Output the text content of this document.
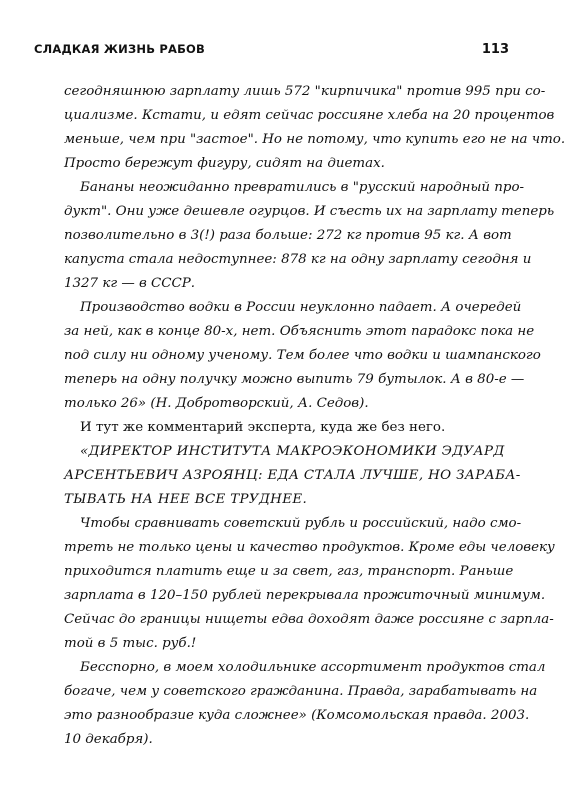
СЛАДКАЯ ЖИЗНЬ РАБОВ	113
сегодняшнюю зарплату лишь 572 "кирпичика" против 995 при со-
циализме. Кстати, и едят сейчас россияне хлеба на 20 процентов
меньше, чем при "застое". Но не потому, что купить его не на что.
Просто бережут фигуру, сидят на диетах.
Бананы неожиданно превратились в "русский народный про-
дукт". Они уже дешевле огурцов. И съесть их на зарплату теперь
позволительно в 3(!) раза больше: 272 кг против 95 кг. А вот
капуста стала недоступнее: 878 кг на одну зарплату сегодня и
1327 кг — в СССР.
Производство водки в России неуклонно падает. А очередей
за ней, как в конце 80-х, нет. Объяснить этот парадокс пока не
под силу ни одному ученому. Тем более что водки и шампанского
теперь на одну получку можно выпить 79 бутылок. А в 80-е —
только 26» (Н. Добротворский, А. Седов).
И тут же комментарий эксперта, куда же без него.
«ДИРЕКТОР ИНСТИТУТА МАКРОЭКОНОМИКИ ЭДУАРД
АРСЕНТЬЕВИЧ АЗРОЯНЦ: ЕДА СТАЛА ЛУЧШЕ, НО ЗАРАБА-
ТЫВАТЬ НА НЕЕ ВСЕ ТРУДНЕЕ.
Чтобы сравнивать советский рубль и российский, надо смо-
треть не только цены и качество продуктов. Кроме еды человеку
приходится платить еще и за свет, газ, транспорт. Раньше
зарплата в 120–150 рублей перекрывала прожиточный минимум.
Сейчас до границы нищеты едва доходят даже россияне с зарпла-
той в 5 тыс. руб.!
Бесспорно, в моем холодильнике ассортимент продуктов стал
богаче, чем у советского гражданина. Правда, зарабатывать на
это разнообразие куда сложнее» (Комсомольская правда. 2003.
10 декабря).
